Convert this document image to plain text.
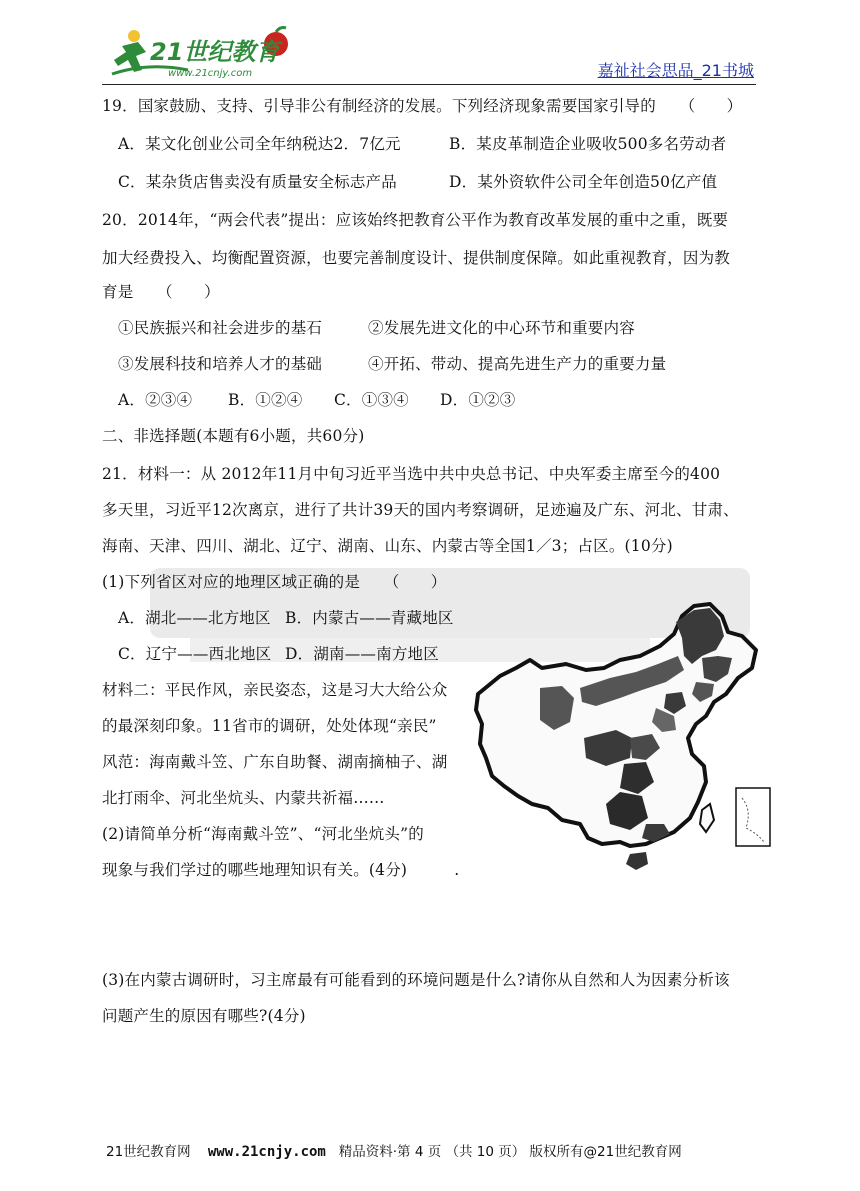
21世纪教育
www.21cnjy.com	嘉祉社会思品_21书城
19．国家鼓励、支持、引导非公有制经济的发展。下列经济现象需要国家引导的　　（　　）
A．某文化创业公司全年纳税达2．7亿元	B．某皮革制造企业吸收500多名劳动者
C．某杂货店售卖没有质量安全标志产品	D．某外资软件公司全年创造50亿产值
20．2014年，“两会代表”提出：应该始终把教育公平作为教育改革发展的重中之重，既要
加大经费投入、均衡配置资源，也要完善制度设计、提供制度保障。如此重视教育，因为教
育是　　（　　）
①民族振兴和社会进步的基石	②发展先进文化的中心环节和重要内容
③发展科技和培养人才的基础	④开拓、带动、提高先进生产力的重要力量
A．②③④ B．①②④ C．①③④ D．①②③
二、非选择题(本题有6小题，共60分)
21．材料一：从 2012年11月中旬习近平当选中共中央总书记、中央军委主席至今的400
多天里，习近平12次离京，进行了共计39天的国内考察调研，足迹遍及广东、河北、甘肃、
海南、天津、四川、湖北、辽宁、湖南、山东、内蒙古等全国1／3；占区。(10分)
(1)下列省区对应的地理区域正确的是　　（　　）
A．湖北——北方地区 B．内蒙古——青藏地区
C．辽宁——西北地区 D．湖南——南方地区
材料二：平民作风，亲民姿态，这是习大大给公众
的最深刻印象。11省市的调研，处处体现“亲民”
风范：海南戴斗笠、广东自助餐、湖南摘柚子、湖
北打雨伞、河北坐炕头、内蒙共祈福……
(2)请简单分析“海南戴斗笠”、“河北坐炕头”的
现象与我们学过的哪些地理知识有关。(4分)　　　.
(3)在内蒙古调研时，习主席最有可能看到的环境问题是什么?请你从自然和人为因素分析该
问题产生的原因有哪些?(4分)
21世纪教育网 www.21cnjy.com 精品资料·第 4 页 （共 10 页） 版权所有@21世纪教育网
